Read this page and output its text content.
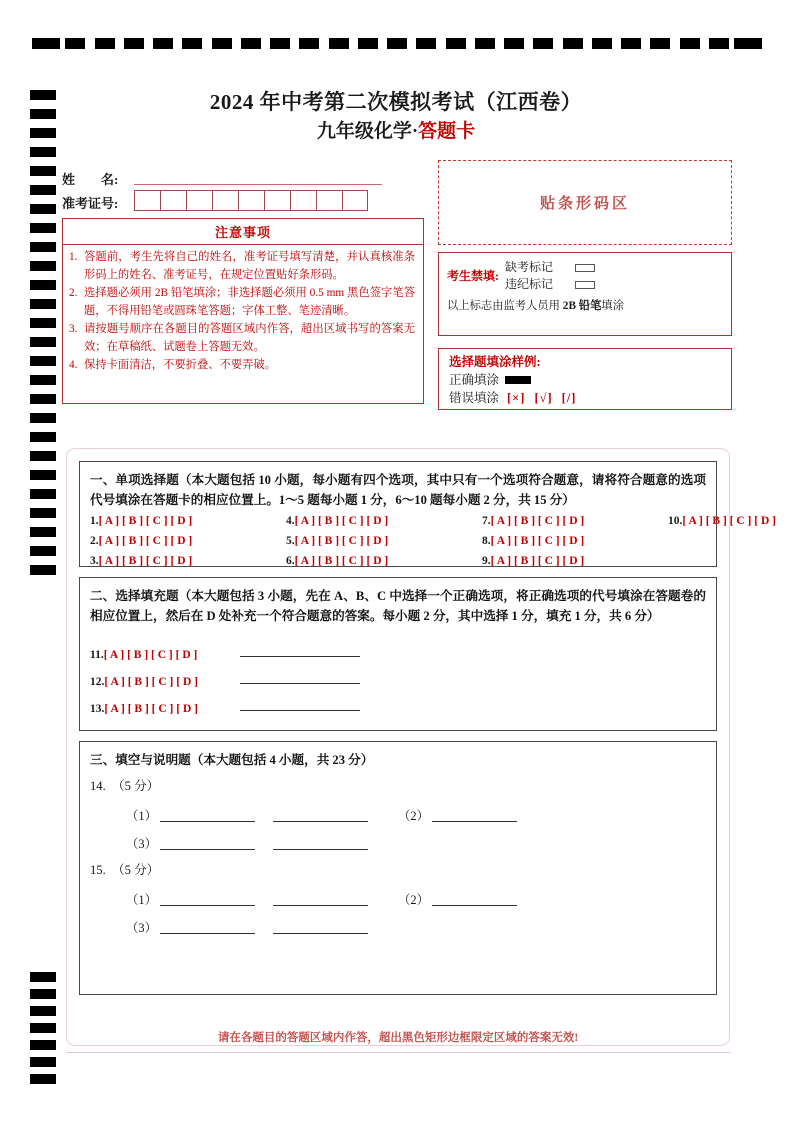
2024 年中考第二次模拟考试（江西卷）
九年级化学·答题卡
姓　　名:
准考证号:
注意事项
1. 答题前，考生先将自己的姓名，准考证号填写清楚，并认真核准条形码上的姓名、准考证号，在规定位置贴好条形码。
2. 选择题必须用 2B 铅笔填涂；非选择题必须用 0.5 mm 黑色签字笔答题，不得用铅笔或圆珠笔答题；字体工整、笔迹清晰。
3. 请按题号顺序在各题目的答题区域内作答，超出区域书写的答案无效；在草稿纸、试题卷上答题无效。
4. 保持卡面清洁，不要折叠、不要弄破。
贴条形码区
考生禁填:
缺考标记
违纪标记
以上标志由监考人员用 2B 铅笔填涂
选择题填涂样例:
正确填涂
错误填涂 [×] [√] [/]
一、单项选择题（本大题包括 10 小题，每小题有四个选项，其中只有一个选项符合题意，请将符合题意的选项代号填涂在答题卡的相应位置上。1～5 题每小题 1 分，6～10 题每小题 2 分，共 15 分）
1.[ A ] [ B ] [ C ] [ D ]
2.[ A ] [ B ] [ C ] [ D ]
3.[ A ] [ B ] [ C ] [ D ]
4.[ A ] [ B ] [ C ] [ D ]
5.[ A ] [ B ] [ C ] [ D ]
6.[ A ] [ B ] [ C ] [ D ]
7.[ A ] [ B ] [ C ] [ D ]
8.[ A ] [ B ] [ C ] [ D ]
9.[ A ] [ B ] [ C ] [ D ]
10.[ A ] [ B ] [ C ] [ D ]
二、选择填充题（本大题包括 3 小题，先在 A、B、C 中选择一个正确选项，将正确选项的代号填涂在答题卷的相应位置上，然后在 D 处补充一个符合题意的答案。每小题 2 分，其中选择 1 分，填充 1 分，共 6 分）
11.[ A ] [ B ] [ C ] [ D ]
12.[ A ] [ B ] [ C ] [ D ]
13.[ A ] [ B ] [ C ] [ D ]
三、填空与说明题（本大题包括 4 小题，共 23 分）
14.　（5 分）
（1）	（2）
（3）
15.　（5 分）
（1）	（2）
（3）
请在各题目的答题区域内作答，超出黑色矩形边框限定区域的答案无效!
